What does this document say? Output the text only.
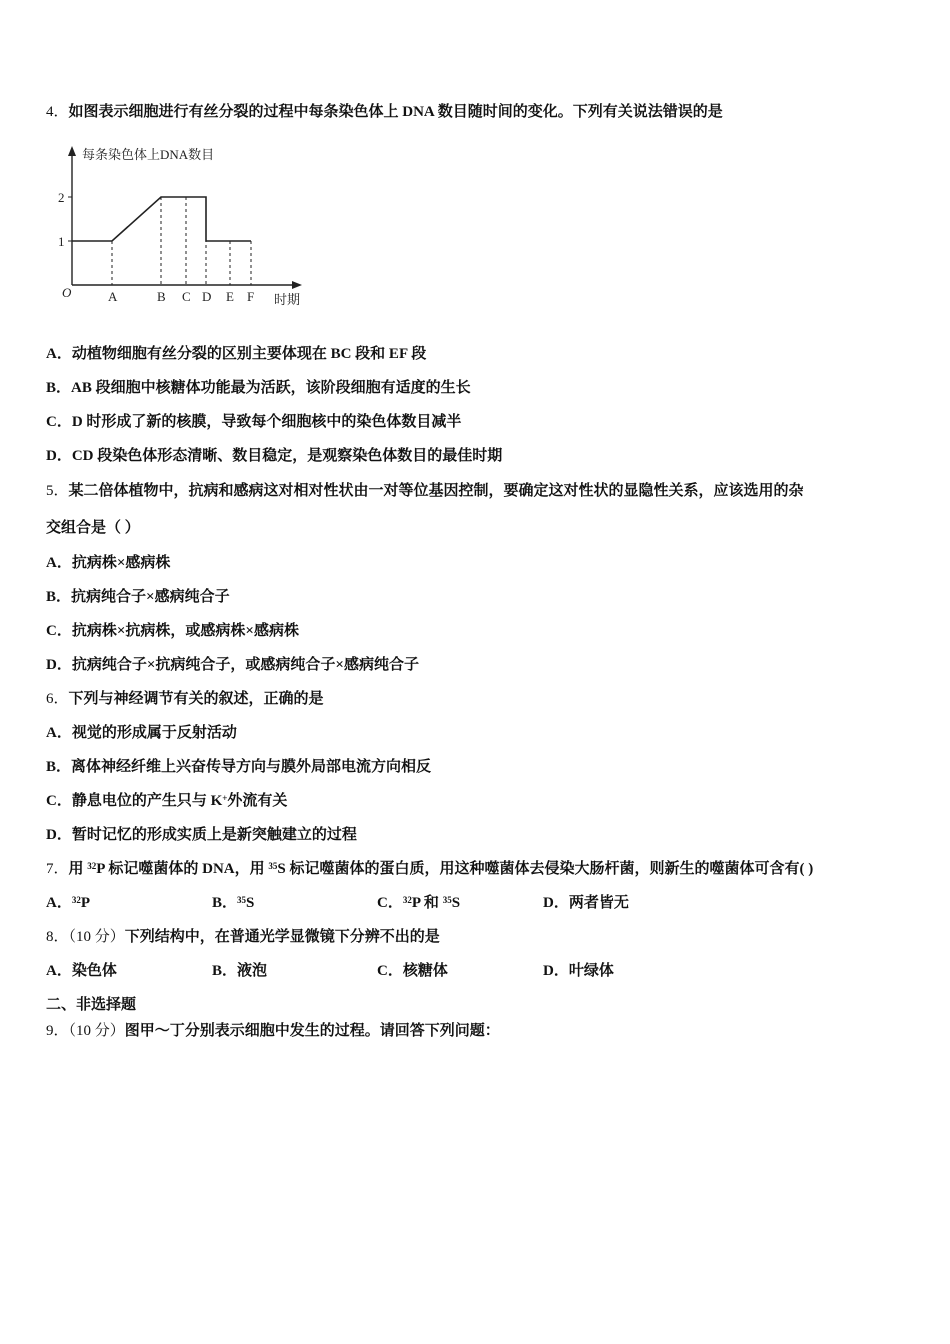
4．如图表示细胞进行有丝分裂的过程中每条染色体上 DNA 数目随时间的变化。下列有关说法错误的是
每条染色体上DNA数目
时期
O
1
2
A	B C D E F
A．动植物细胞有丝分裂的区别主要体现在 BC 段和 EF 段
B．AB 段细胞中核糖体功能最为活跃，该阶段细胞有适度的生长
C．D 时形成了新的核膜，导致每个细胞核中的染色体数目减半
D．CD 段染色体形态清晰、数目稳定，是观察染色体数目的最佳时期
5．某二倍体植物中，抗病和感病这对相对性状由一对等位基因控制，要确定这对性状的显隐性关系，应该选用的杂
交组合是（ ）
A．抗病株×感病株
B．抗病纯合子×感病纯合子
C．抗病株×抗病株，或感病株×感病株
D．抗病纯合子×抗病纯合子，或感病纯合子×感病纯合子
6．下列与神经调节有关的叙述，正确的是
A．视觉的形成属于反射活动
B．离体神经纤维上兴奋传导方向与膜外局部电流方向相反
C．静息电位的产生只与 K+外流有关
D．暂时记忆的形成实质上是新突触建立的过程
7．用 $^{32}$P 标记噬菌体的 DNA，用 $^{35}$S 标记噬菌体的蛋白质，用这种噬菌体去侵染大肠杆菌，则新生的噬菌体可含有( )
A．$^{32}$P	B．$^{35}$S	C．$^{32}$P 和 $^{35}$S	D．两者皆无
8．（10 分）下列结构中，在普通光学显微镜下分辨不出的是
A．染色体	B．液泡	C．核糖体	D．叶绿体
二、非选择题
9．（10 分）图甲～丁分别表示细胞中发生的过程。请回答下列问题：
